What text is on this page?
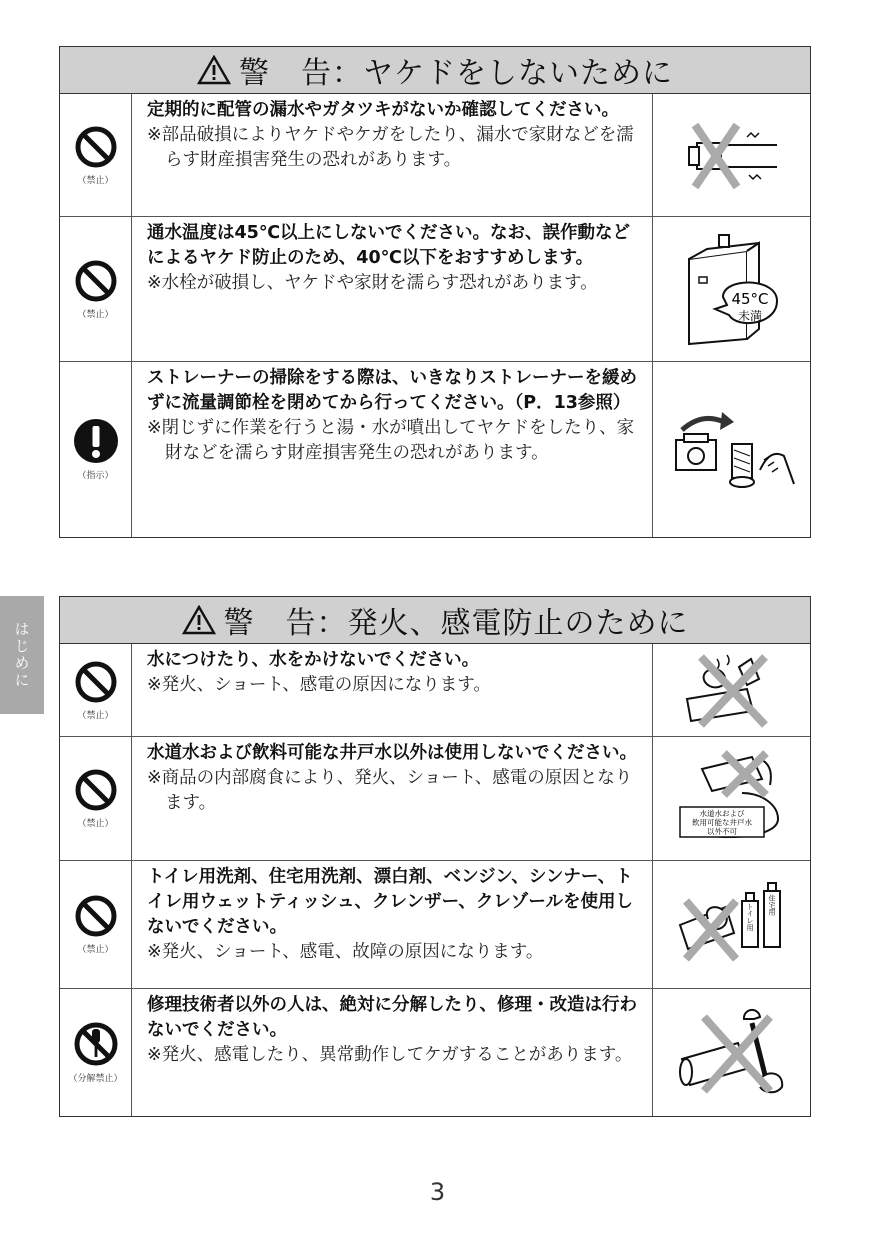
警　告：ヤケドをしないために
（禁止）
定期的に配管の漏水やガタツキがないか確認してください。
※部品破損によりヤケドやケガをしたり、漏水で家財などを濡らす財産損害発生の恐れがあります。
（禁止）
通水温度は45℃以上にしないでください。なお、誤作動などによるヤケド防止のため、40℃以下をおすすめします。
※水栓が破損し、ヤケドや家財を濡らす恐れがあります。
45°C
未満
（指示）
ストレーナーの掃除をする際は、いきなりストレーナーを緩めずに流量調節栓を閉めてから行ってください。（P．13参照）
※閉じずに作業を行うと湯・水が噴出してヤケドをしたり、家財などを濡らす財産損害発生の恐れがあります。
はじめに	警　告：発火、感電防止のために
（禁止）
水につけたり、水をかけないでください。
※発火、ショート、感電の原因になります。
（禁止）
水道水および飲料可能な井戸水以外は使用しないでください。
※商品の内部腐食により、発火、ショート、感電の原因となります。	水道水および
飲用可能な井戸水
以外不可
（禁止）
トイレ用洗剤、住宅用洗剤、漂白剤、ベンジン、シンナー、トイレ用ウェットティッシュ、クレンザー、クレゾールを使用しないでください。
※発火、ショート、感電、故障の原因になります。
トイレ用 住宅用
（分解禁止）
修理技術者以外の人は、絶対に分解したり、修理・改造は行わないでください。
※発火、感電したり、異常動作してケガすることがあります。
3
